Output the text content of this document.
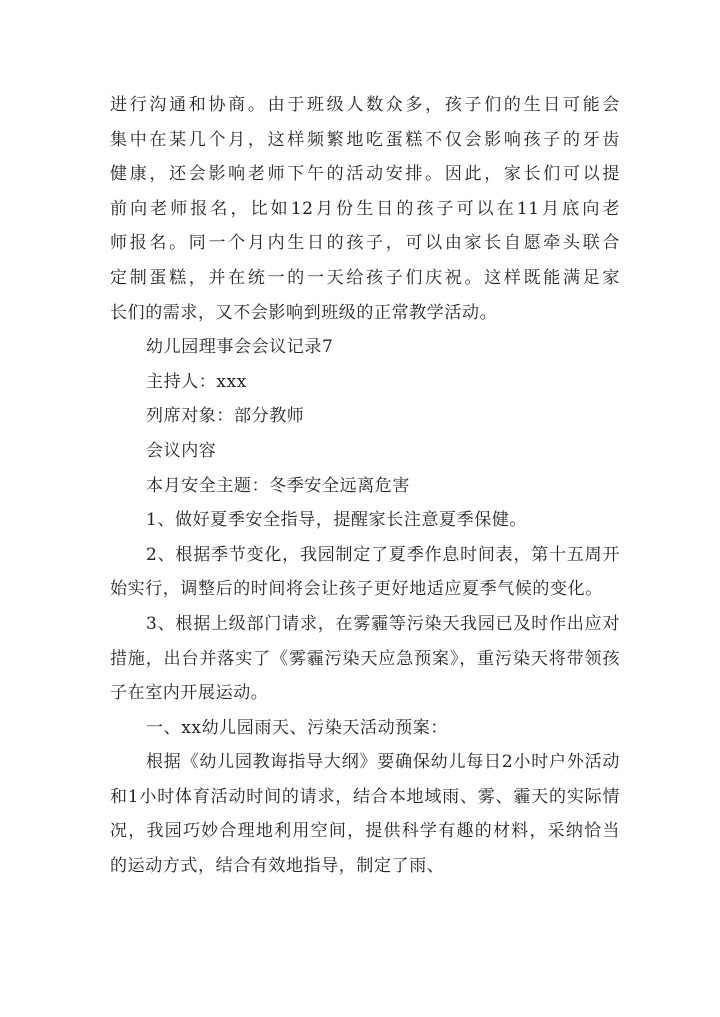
进行沟通和协商。由于班级人数众多，孩子们的生日可能会

集中在某几个月，这样频繁地吃蛋糕不仅会影响孩子的牙齿

健康，还会影响老师下午的活动安排。因此，家长们可以提

前向老师报名，比如12月份生日的孩子可以在11月底向老

师报名。同一个月内生日的孩子，可以由家长自愿牵头联合

定制蛋糕，并在统一的一天给孩子们庆祝。这样既能满足家

长们的需求，又不会影响到班级的正常教学活动。

幼儿园理事会会议记录7

主持人：xxx

列席对象：部分教师

会议内容

本月安全主题：冬季安全远离危害

1、做好夏季安全指导，提醒家长注意夏季保健。

2、根据季节变化，我园制定了夏季作息时间表，第十五周开始实行，调整后的时间将会让孩子更好地适应夏季气候的变化。

3、根据上级部门请求，在雾霾等污染天我园已及时作出应对措施，出台并落实了《雾霾污染天应急预案》，重污染天将带领孩子在室内开展运动。

一、xx幼儿园雨天、污染天活动预案：

根据《幼儿园教诲指导大纲》要确保幼儿每日2小时户外活动和1小时体育活动时间的请求，结合本地域雨、雾、霾天的实际情况，我园巧妙合理地利用空间，提供科学有趣的材料，采纳恰当的运动方式，结合有效地指导，制定了雨、
